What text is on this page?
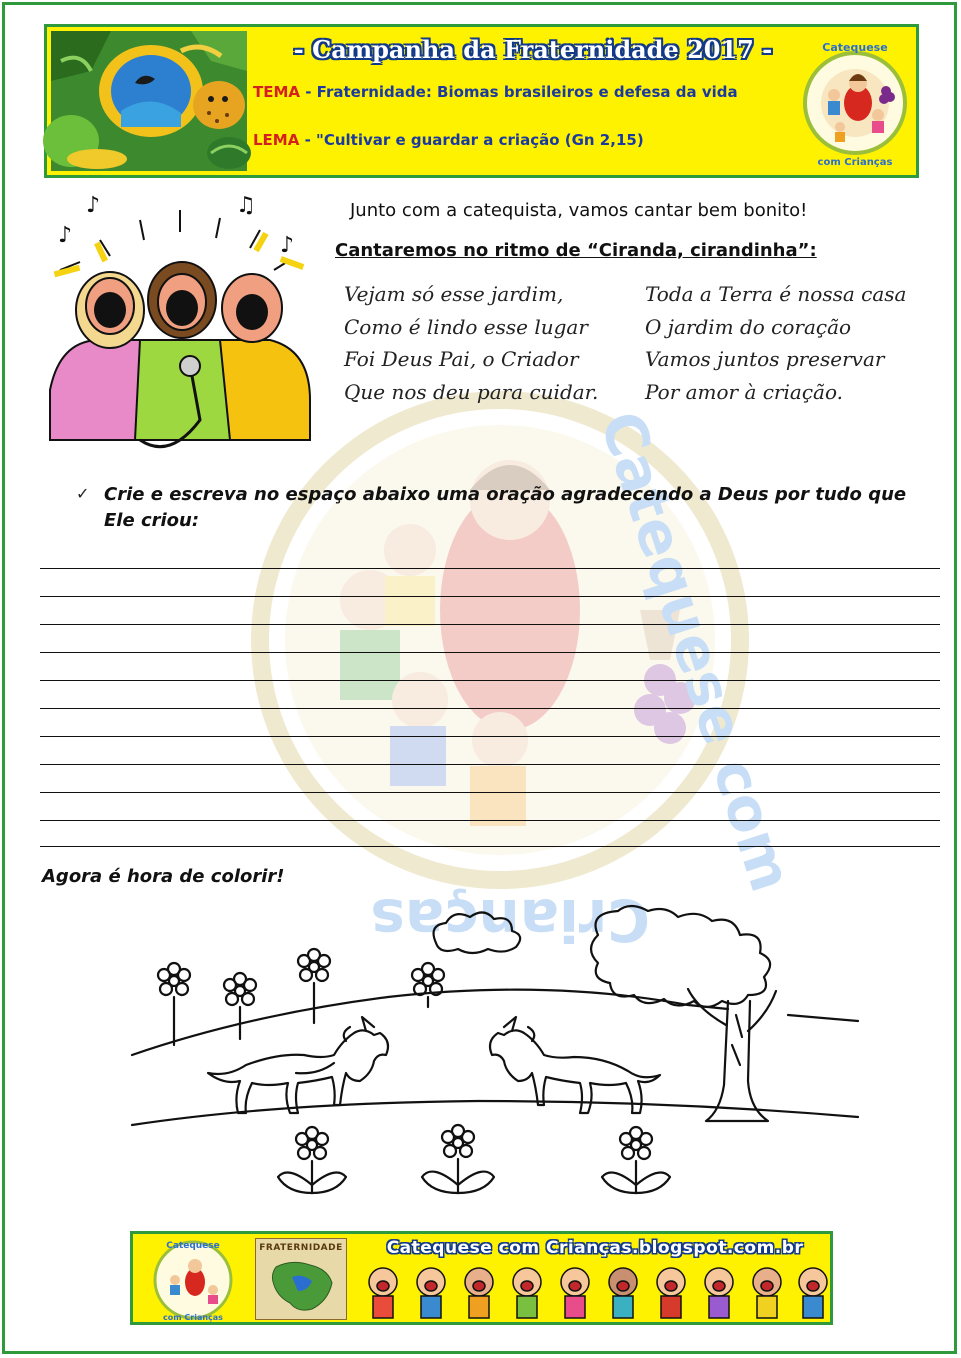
- Campanha da Fraternidade 2017 -
TEMA - Fraternidade: Biomas brasileiros e defesa da vida
LEMA - "Cultivar e guardar a criação (Gn 2,15)
Catequese
com Crianças
Catequese com
Crianças
♪
♪	♫
♪
Junto com a catequista, vamos cantar bem bonito!
Cantaremos no ritmo de “Ciranda, cirandinha”:
Vejam só esse jardim,
Como é lindo esse lugar
Foi Deus Pai, o Criador
Que nos deu para cuidar.
Toda a Terra é nossa casa
O jardim do coração
Vamos juntos preservar
Por amor à criação.
✓ Crie e escreva no espaço abaixo uma oração agradecendo a Deus por tudo que Ele criou:
Agora é hora de colorir!
Catequese
com Crianças
FRATERNIDADE	Catequese com Crianças.blogspot.com.br
